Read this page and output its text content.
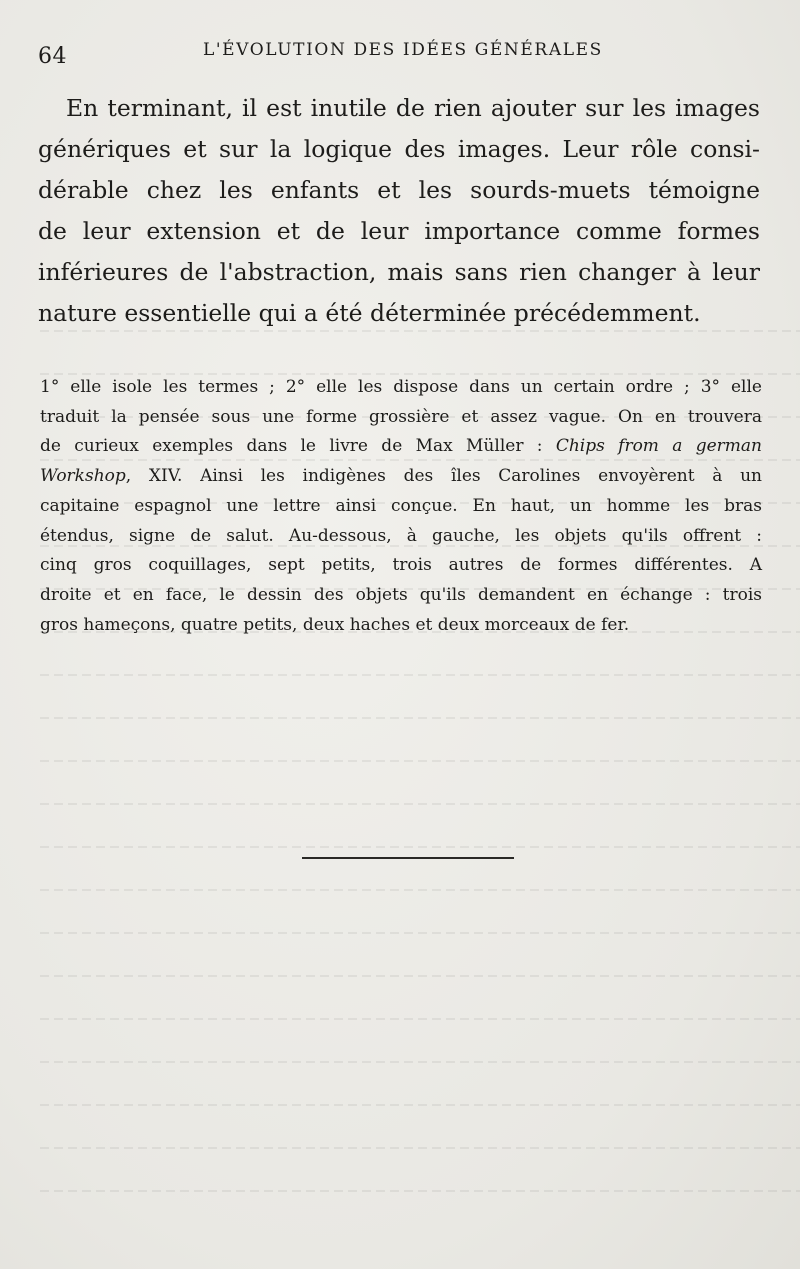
64	L'ÉVOLUTION DES IDÉES GÉNÉRALES

En terminant, il est inutile de rien ajouter sur les images
génériques et sur la logique des images. Leur rôle consi-
dérable chez les enfants et les sourds-muets témoigne
de leur extension et de leur importance comme formes
inférieures de l'abstraction, mais sans rien changer à leur
nature essentielle qui a été déterminée précédemment.

1° elle isole les termes ; 2° elle les dispose dans un certain ordre ; 3° elle
traduit la pensée sous une forme grossière et assez vague. On en trouvera
de curieux exemples dans le livre de Max Müller : Chips from a german
Workshop, XIV. Ainsi les indigènes des îles Carolines envoyèrent à un
capitaine espagnol une lettre ainsi conçue. En haut, un homme les bras
étendus, signe de salut. Au-dessous, à gauche, les objets qu'ils offrent :
cinq gros coquillages, sept petits, trois autres de formes différentes. A
droite et en face, le dessin des objets qu'ils demandent en échange : trois
gros hameçons, quatre petits, deux haches et deux morceaux de fer.
